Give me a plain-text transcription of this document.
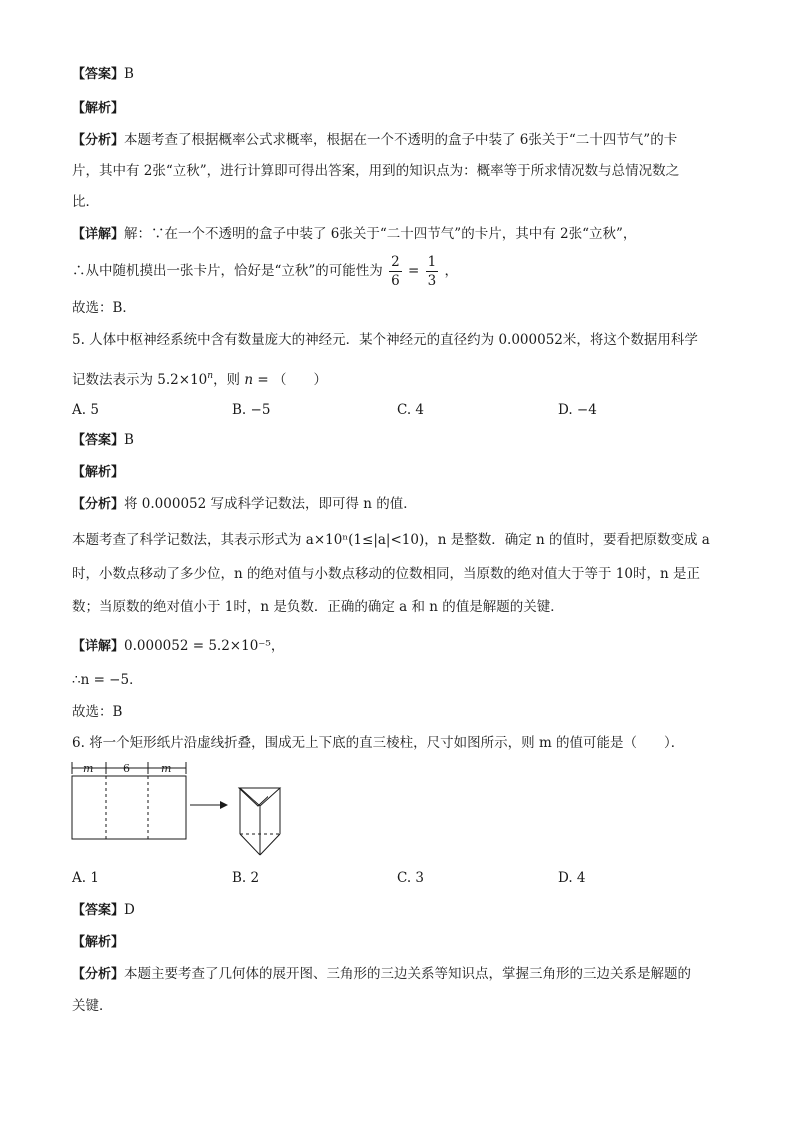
【答案】B
【解析】
【分析】本题考查了根据概率公式求概率，根据在一个不透明的盒子中装了 6张关于“二十四节气”的卡
片，其中有 2张“立秋”，进行计算即可得出答案，用到的知识点为：概率等于所求情况数与总情况数之
比．
【详解】解：∵在一个不透明的盒子中装了 6张关于“二十四节气”的卡片，其中有 2张“立秋”，
∴从中随机摸出一张卡片，恰好是“立秋”的可能性为 $\frac{2}{6} = \frac{1}{3}$ ，
故选：B．
5. 人体中枢神经系统中含有数量庞大的神经元．某个神经元的直径约为 0.000052米，将这个数据用科学
记数法表示为 $5.2\times 10^n$，则 n = （　　）
A. 5	B. −5	C. 4	D. −4
【答案】B
【解析】
【分析】将 0.000052 写成科学记数法，即可得 n 的值．
本题考查了科学记数法，其表示形式为 a×10ⁿ(1≤|a|<10)，n 是整数．确定 n 的值时，要看把原数变成 a
时，小数点移动了多少位，n 的绝对值与小数点移动的位数相同，当原数的绝对值大于等于 10时，n 是正
数；当原数的绝对值小于 1时，n 是负数．正确的确定 a 和 n 的值是解题的关键．
【详解】0.000052 = 5.2×10⁻⁵，
∴n = −5．
故选：B
6. 将一个矩形纸片沿虚线折叠，围成无上下底的直三棱柱，尺寸如图所示，则 m 的值可能是（　　）．
m	6	m
A. 1	B. 2	C. 3	D. 4
【答案】D
【解析】
【分析】本题主要考查了几何体的展开图、三角形的三边关系等知识点，掌握三角形的三边关系是解题的
关键．
